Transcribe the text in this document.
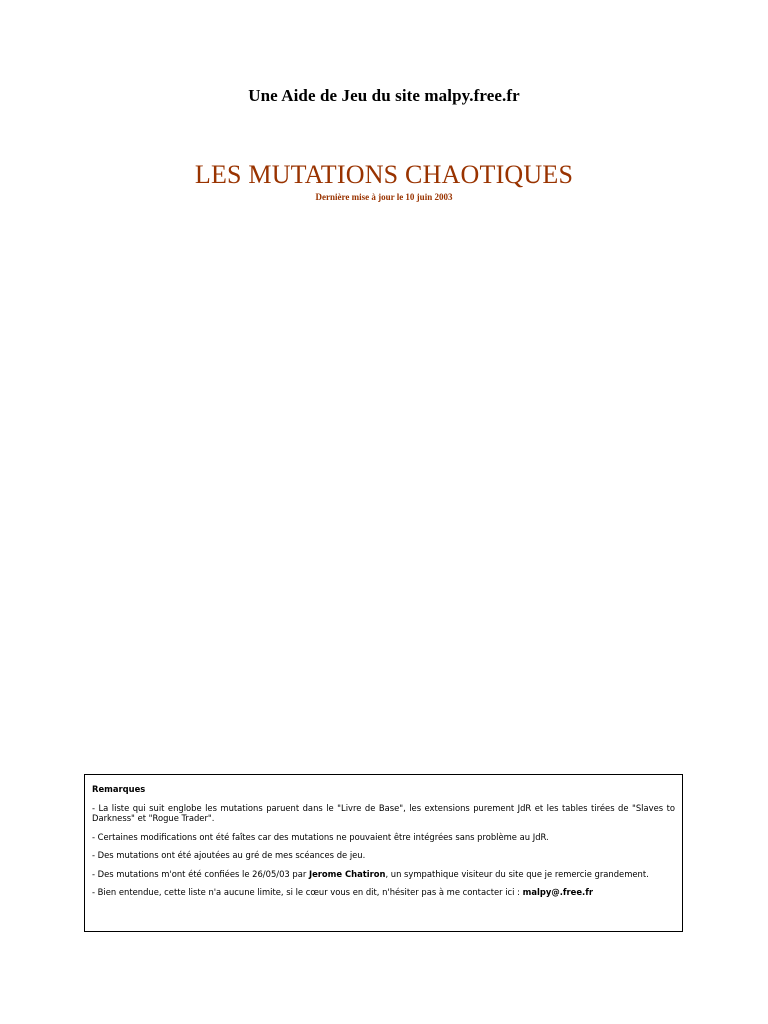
Une Aide de Jeu du site malpy.free.fr
LES MUTATIONS CHAOTIQUES
Dernière mise à jour le 10 juin 2003
Remarques

- La liste qui suit englobe les mutations paruent dans le "Livre de Base", les extensions purement JdR et les tables tirées de "Slaves to Darkness" et "Rogue Trader".

- Certaines modifications ont été faîtes car des mutations ne pouvaient être intégrées sans problème au JdR.

- Des mutations ont été ajoutées au gré de mes scéances de jeu.

- Des mutations m'ont été confiées le 26/05/03 par Jerome Chatiron, un sympathique visiteur du site que je remercie grandement.

- Bien entendue, cette liste n'a aucune limite, si le cœur vous en dit, n'hésiter pas à me contacter ici : malpy@.free.fr
